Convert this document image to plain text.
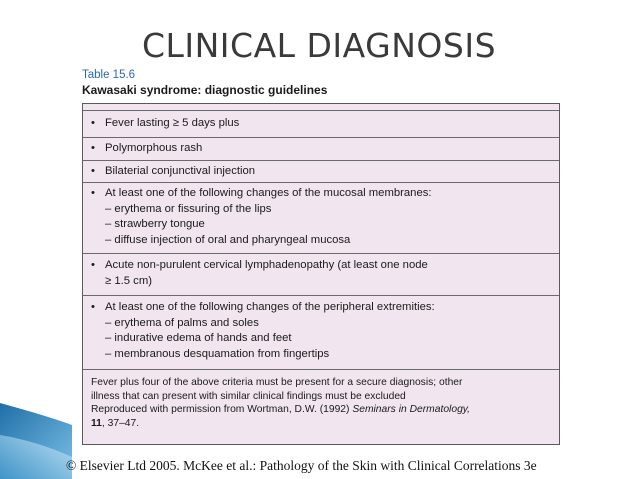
CLINICAL DIAGNOSIS
Table 15.6
Kawasaki syndrome: diagnostic guidelines
• Fever lasting ≥ 5 days plus
• Polymorphous rash
• Bilaterial conjunctival injection
• At least one of the following changes of the mucosal membranes:
– erythema or fissuring of the lips
– strawberry tongue
– diffuse injection of oral and pharyngeal mucosa
• Acute non-purulent cervical lymphadenopathy (at least one node
≥ 1.5 cm)
• At least one of the following changes of the peripheral extremities:
– erythema of palms and soles
– indurative edema of hands and feet
– membranous desquamation from fingertips
Fever plus four of the above criteria must be present for a secure diagnosis; other
illness that can present with similar clinical findings must be excluded
Reproduced with permission from Wortman, D.W. (1992) Seminars in Dermatology,
11, 37–47.
© Elsevier Ltd 2005. McKee et al.: Pathology of the Skin with Clinical Correlations 3e
